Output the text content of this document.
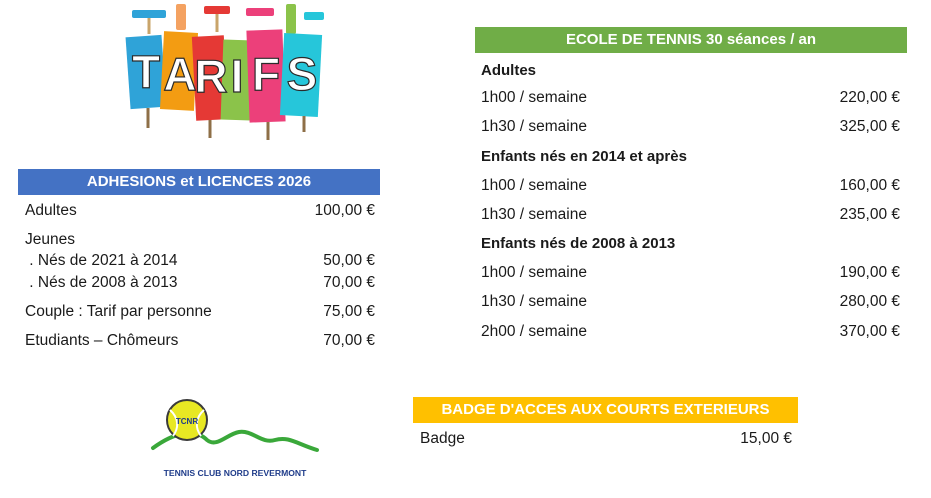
T A
R I F S
ADHESIONS et LICENCES 2026
Adultes	100,00 €
Jeunes
. Nés de 2021 à 2014	50,00 €
. Nés de 2008 à 2013	70,00 €
Couple : Tarif par personne	75,00 €
Etudiants – Chômeurs	70,00 €
ECOLE DE TENNIS 30 séances / an
Adultes
1h00 / semaine	220,00 €
1h30 / semaine	325,00 €
Enfants nés en 2014 et après
1h00 / semaine	160,00 €
1h30 / semaine	235,00 €
Enfants nés de 2008 à 2013
1h00 / semaine	190,00 €
1h30 / semaine	280,00 €
2h00 / semaine	370,00 €
BADGE D'ACCES AUX COURTS EXTERIEURS
Badge	15,00 €
TCNR
TENNIS CLUB NORD REVERMONT
